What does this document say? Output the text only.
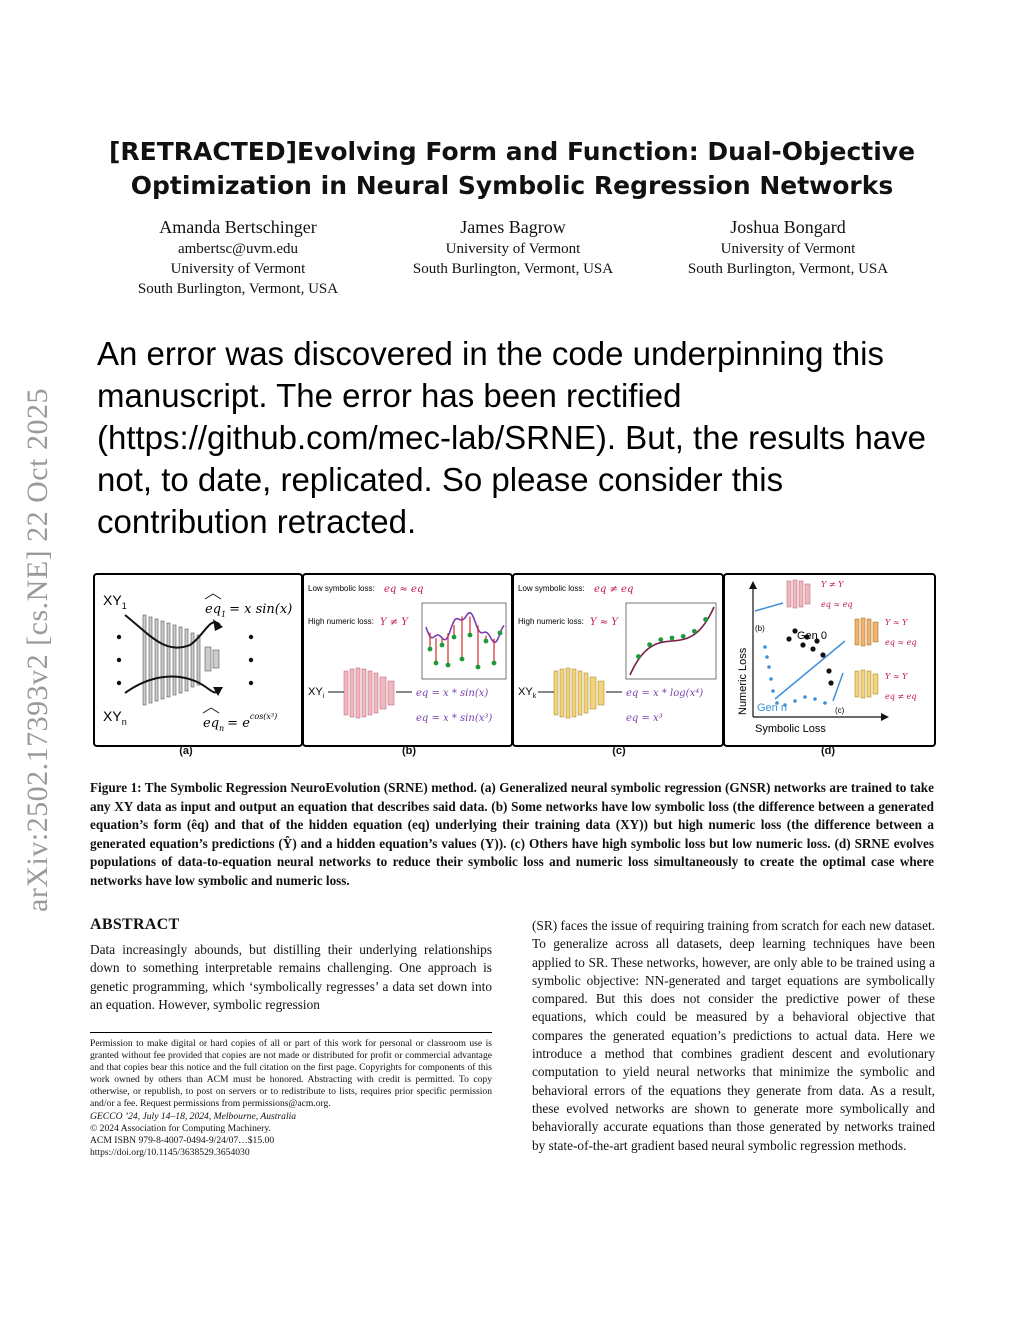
arXiv:2502.17393v2 [cs.NE] 22 Oct 2025
[RETRACTED]Evolving Form and Function: Dual-Objective
Optimization in Neural Symbolic Regression Networks
Amanda Bertschinger
ambertsc@uvm.edu
University of Vermont
South Burlington, Vermont, USA
James Bagrow
University of Vermont
South Burlington, Vermont, USA
Joshua Bongard
University of Vermont
South Burlington, Vermont, USA
An error was discovered in the code underpinning this manuscript. The error has been rectified (https://github.com/mec-lab/SRNE). But, the results have not, to date, replicated. So please consider this contribution retracted.
$XY_1$
$XY_n$
$eq_1 = x$ sin(x)
$eq_n = e^{cos(x^3)}$
(a)
Low symbolic loss: eq ≈ eq
High numeric loss: Y ≠ Y
$XY_i$	eq = x * sin(x)
eq = x * sin(x³)
(b)
Low symbolic loss: eq ≠ eq
High numeric loss: Y ≈ Y
$XY_k$	eq = x * log(x⁴)
eq = x³
(c)
Numeric Loss
Symbolic Loss
Gen 0
Gen n
(b)
(c)
Y ≠ Y
eq ≈ eq
Y ≈ Y
eq ≈ eq
Y ≈ Y
eq ≠ eq
(d)
Figure 1: The Symbolic Regression NeuroEvolution (SRNE) method. (a) Generalized neural symbolic regression (GNSR) networks are trained to take any XY data as input and output an equation that describes said data. (b) Some networks have low symbolic loss (the difference between a generated equation’s form (êq) and that of the hidden equation (eq) underlying their training data (XY)) but high numeric loss (the difference between a generated equation’s predictions (Ŷ) and a hidden equation’s values (Y)). (c) Others have high symbolic loss but low numeric loss. (d) SRNE evolves populations of data-to-equation neural networks to reduce their symbolic loss and numeric loss simultaneously to create the optimal case where networks have low symbolic and numeric loss.
ABSTRACT
Data increasingly abounds, but distilling their underlying relationships down to something interpretable remains challenging. One approach is genetic programming, which ‘symbolically regresses’ a data set down into an equation. However, symbolic regression
(SR) faces the issue of requiring training from scratch for each new dataset. To generalize across all datasets, deep learning techniques have been applied to SR. These networks, however, are only able to be trained using a symbolic objective: NN-generated and target equations are symbolically compared. But this does not consider the predictive power of these equations, which could be measured by a behavioral objective that compares the generated equation’s predictions to actual data. Here we introduce a method that combines gradient descent and evolutionary computation to yield neural networks that minimize the symbolic and behavioral errors of the equations they generate from data. As a result, these evolved networks are shown to generate more symbolically and behaviorally accurate equations than those generated by networks trained by state-of-the-art gradient based neural symbolic regression methods.
Permission to make digital or hard copies of all or part of this work for personal or classroom use is granted without fee provided that copies are not made or distributed for profit or commercial advantage and that copies bear this notice and the full citation on the first page. Copyrights for components of this work owned by others than ACM must be honored. Abstracting with credit is permitted. To copy otherwise, or republish, to post on servers or to redistribute to lists, requires prior specific permission and/or a fee. Request permissions from permissions@acm.org.
GECCO ’24, July 14–18, 2024, Melbourne, Australia
© 2024 Association for Computing Machinery.
ACM ISBN 979-8-4007-0494-9/24/07…$15.00
https://doi.org/10.1145/3638529.3654030
